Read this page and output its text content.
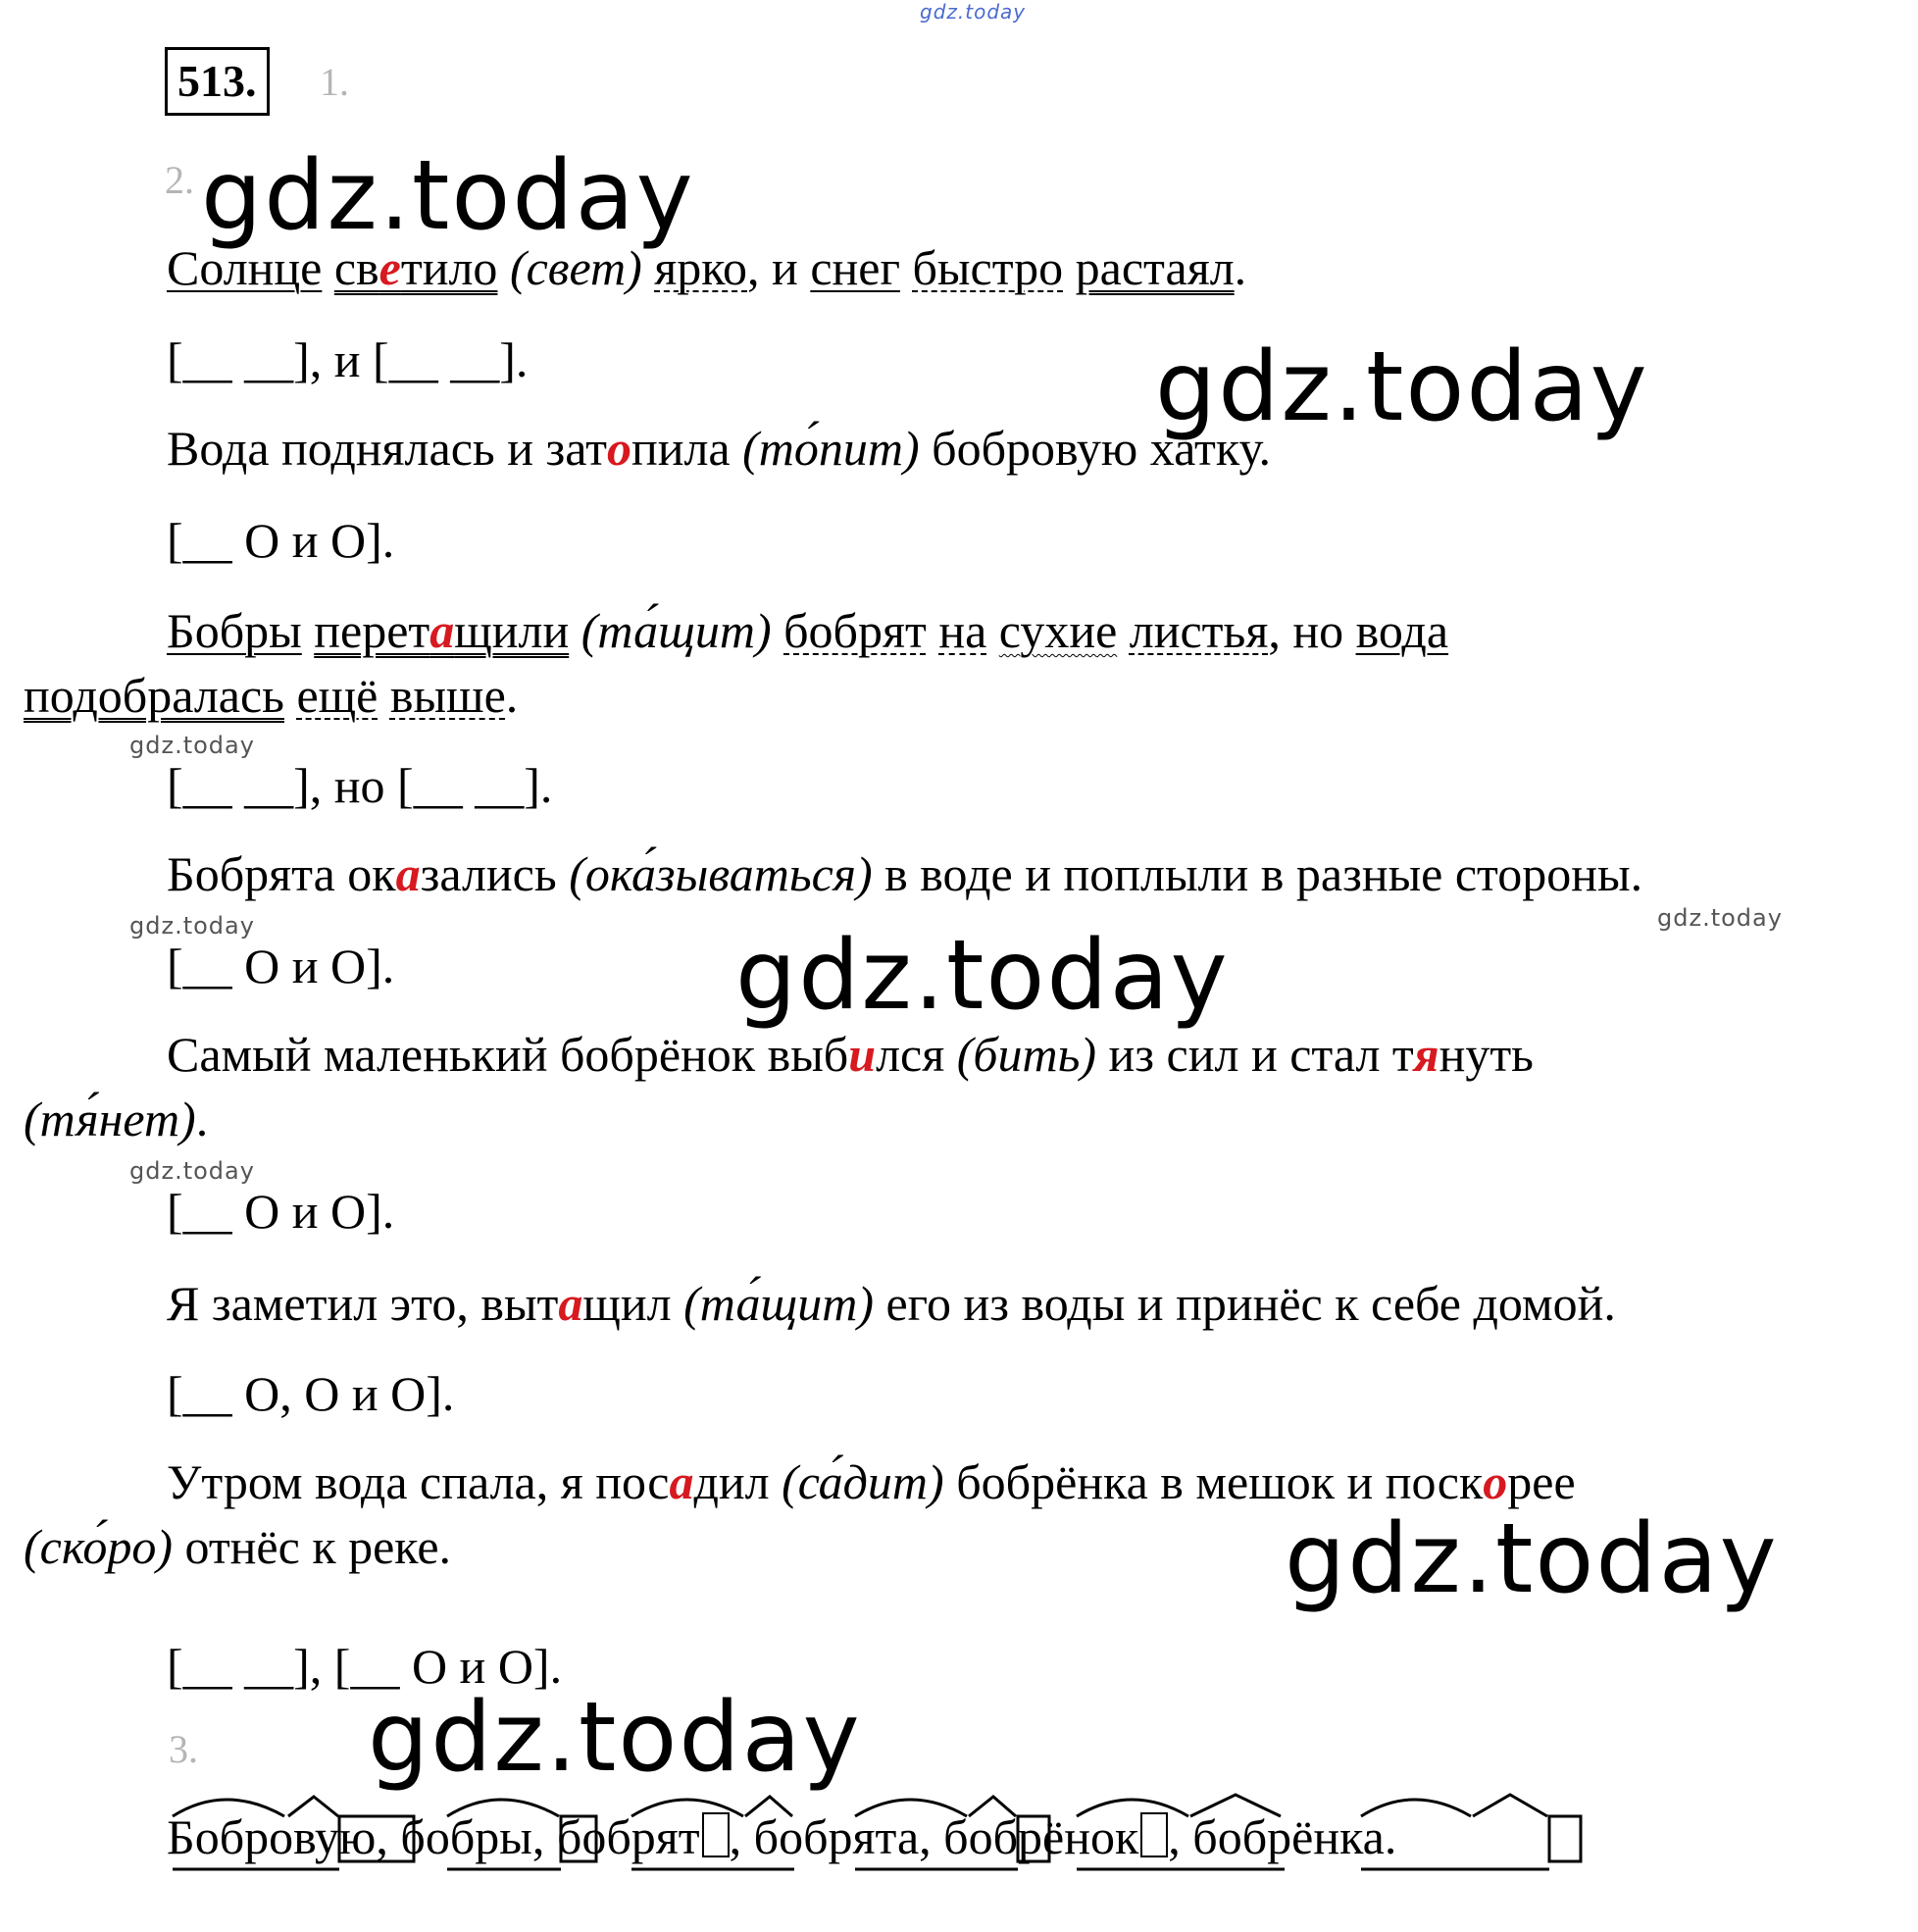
gdz.today
513.	1.
2. gdz.today
Солнце светило (свет) ярко, и снег быстро растаял.
[__ __], и [__ __].	gdz.today
Вода поднялась и затопила (то́пит) бобровую хатку.
[__ O и O].
Бобры перетащили (та́щит) бобрят на сухие листья, но вода
подобралась ещё выше.
gdz.today
[__ __], но [__ __].
Бобрята оказались (ока́зываться) в воде и поплыли в разные стороны.
gdz.today	gdz.today
[__ O и O].	gdz.today
Самый маленький бобрёнок выбился (бить) из сил и стал тянуть
(тя́нет).
gdz.today
[__ O и O].
Я заметил это, вытащил (та́щит) его из воды и принёс к себе домой.
[__ O, O и O].
Утром вода спала, я посадил (са́дит) бобрёнка в мешок и поскорее
(ско́ро) отнёс к реке.	gdz.today
[__ __], [__ O и O].
3. gdz.today
Бобровую, бобры, бобрят , бобрята, бобрёнок , бобрёнка.
